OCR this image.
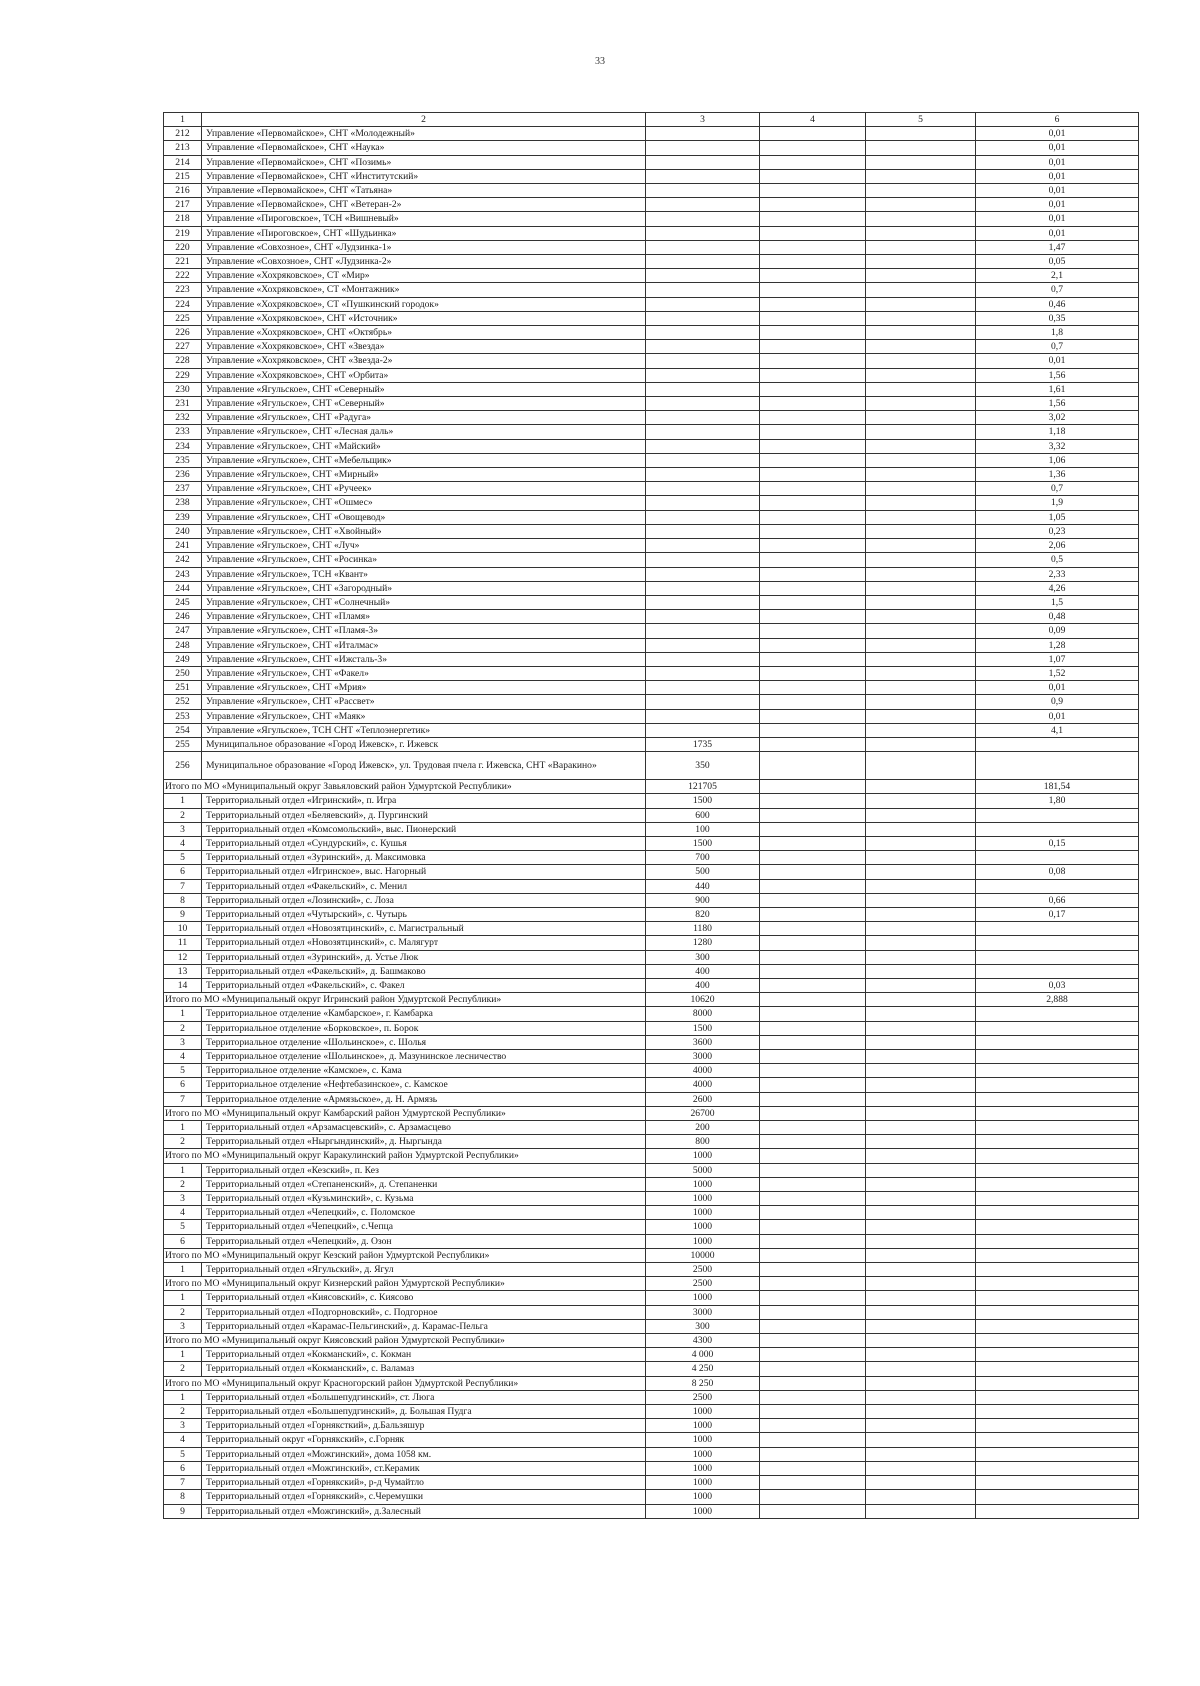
33
1	2	3	4	5	6
212	Управление «Первомайское», СНТ «Молодежный»				0,01
213	Управление «Первомайское», СНТ «Наука»				0,01
214	Управление «Первомайское», СНТ «Позимь»				0,01
215	Управление «Первомайское», СНТ «Институтский»				0,01
216	Управление «Первомайское», СНТ «Татьяна»				0,01
217	Управление «Первомайское», СНТ «Ветеран-2»				0,01
218	Управление «Пироговское», ТСН «Вишневый»				0,01
219	Управление «Пироговское», СНТ «Шудьинка»				0,01
220	Управление «Совхозное», СНТ «Лудзинка-1»				1,47
221	Управление «Совхозное», СНТ «Лудзинка-2»				0,05
222	Управление «Хохряковское», СТ «Мир»				2,1
223	Управление «Хохряковское», СТ «Монтажник»				0,7
224	Управление «Хохряковское», СТ «Пушкинский городок»				0,46
225	Управление «Хохряковское», СНТ «Источник»				0,35
226	Управление «Хохряковское», СНТ «Октябрь»				1,8
227	Управление «Хохряковское», СНТ «Звезда»				0,7
228	Управление «Хохряковское», СНТ «Звезда-2»				0,01
229	Управление «Хохряковское», СНТ «Орбита»				1,56
230	Управление «Ягульское», СНТ «Северный»				1,61
231	Управление «Ягульское», СНТ «Северный»				1,56
232	Управление «Ягульское», СНТ «Радуга»				3,02
233	Управление «Ягульское», СНТ «Лесная даль»				1,18
234	Управление «Ягульское», СНТ «Майский»				3,32
235	Управление «Ягульское», СНТ «Мебельщик»				1,06
236	Управление «Ягульское», СНТ «Мирный»				1,36
237	Управление «Ягульское», СНТ «Ручеек»				0,7
238	Управление «Ягульское», СНТ «Ошмес»				1,9
239	Управление «Ягульское», СНТ «Овощевод»				1,05
240	Управление «Ягульское», СНТ «Хвойный»				0,23
241	Управление «Ягульское», СНТ «Луч»				2,06
242	Управление «Ягульское», СНТ «Росинка»				0,5
243	Управление «Ягульское», ТСН «Квант»				2,33
244	Управление «Ягульское», СНТ «Загородный»				4,26
245	Управление «Ягульское», СНТ «Солнечный»				1,5
246	Управление «Ягульское», СНТ «Пламя»				0,48
247	Управление «Ягульское», СНТ «Пламя-3»				0,09
248	Управление «Ягульское», СНТ «Италмас»				1,28
249	Управление «Ягульское», СНТ «Ижсталь-3»				1,07
250	Управление «Ягульское», СНТ «Факел»				1,52
251	Управление «Ягульское», СНТ «Мрия»				0,01
252	Управление «Ягульское», СНТ «Рассвет»				0,9
253	Управление «Ягульское», СНТ «Маяк»				0,01
254	Управление «Ягульское», ТСН СНТ «Теплоэнергетик»				4,1
255	Муниципальное образование «Город Ижевск», г. Ижевск	1735			
256	Муниципальное образование «Город Ижевск», ул. Трудовая пчела г. Ижевска, СНТ «Варакино»	350			
Итого по МО «Муниципальный округ Завьяловский район Удмуртской Республики»		121705			181,54
1	Территориальный отдел «Игринский», п. Игра	1500			1,80
2	Территориальный отдел «Беляевский», д. Пургинский	600			
3	Территориальный отдел «Комсомольский», выс. Пионерский	100			
4	Территориальный отдел «Сундурский», с. Кушья	1500			0,15
5	Территориальный отдел «Зуринский», д. Максимовка	700			
6	Территориальный отдел «Игринское», выс. Нагорный	500			0,08
7	Территориальный отдел «Факельский», с. Менил	440			
8	Территориальный отдел «Лозинский», с. Лоза	900			0,66
9	Территориальный отдел «Чутырский», с. Чутырь	820			0,17
10	Территориальный отдел «Новозятцинский», с. Магистральный	1180			
11	Территориальный отдел «Новозятцинский», с. Малягурт	1280			
12	Территориальный отдел «Зуринский», д. Устье Люк	300			
13	Территориальный отдел «Факельский», д. Башмаково	400			
14	Территориальный отдел «Факельский», с. Факел	400			0,03
Итого по МО «Муниципальный округ Игринский район Удмуртской Республики»		10620			2,888
1	Территориальное отделение «Камбарское», г. Камбарка	8000			
2	Территориальное отделение «Борковское», п. Борок	1500			
3	Территориальное отделение «Шольинское», с. Шолья	3600			
4	Территориальное отделение «Шольинское», д. Мазунинское лесничество	3000			
5	Территориальное отделение «Камское», с. Кама	4000			
6	Территориальное отделение «Нефтебазинское», с. Камское	4000			
7	Территориальное отделение «Армязьское», д. Н. Армязь	2600			
Итого по МО «Муниципальный округ Камбарский район Удмуртской Республики»		26700			
1	Территориальный отдел «Арзамасцевский», с. Арзамасцево	200			
2	Территориальный отдел «Ныргындинский», д. Ныргында	800			
Итого по МО «Муниципальный округ Каракулинский район Удмуртской Республики»		1000			
1	Территориальный отдел «Кезский», п. Кез	5000			
2	Территориальный отдел «Степаненский», д. Степаненки	1000			
3	Территориальный отдел «Кузьминский», с. Кузьма	1000			
4	Территориальный отдел «Чепецкий», с. Поломское	1000			
5	Территориальный отдел «Чепецкий», с.Чепца	1000			
6	Территориальный отдел «Чепецкий», д. Озон	1000			
Итого по МО «Муниципальный округ Кезский район Удмуртской Республики»		10000			
1	Территориальный отдел «Ягульский», д. Ягул	2500			
Итого по МО «Муниципальный округ Кизнерский район Удмуртской Республики»		2500			
1	Территориальный отдел «Киясовский», с. Киясово	1000			
2	Территориальный отдел «Подгорновский», с. Подгорное	3000			
3	Территориальный отдел «Карамас-Пельгинский», д. Карамас-Пельга	300			
Итого по МО «Муниципальный округ Киясовский район Удмуртской Республики»		4300			
1	Территориальный отдел «Кокманский», с. Кокман	4 000			
2	Территориальный отдел «Кокманский», с. Валамаз	4 250			
Итого по МО «Муниципальный округ Красногорский район Удмуртской Республики»		8 250			
1	Территориальный отдел «Большепудгинский», ст. Люга	2500			
2	Территориальный отдел «Большепудгинский», д. Большая Пудга	1000			
3	Территориальный отдел «Горняксткий», д.Бальзяшур	1000			
4	Территориальный округ «Горнякский», с.Горняк	1000			
5	Территориальный отдел «Можгинский», дома 1058 км.	1000			
6	Территориальный отдел «Можгинский», ст.Керамик	1000			
7	Территориальный отдел «Горнякский», р-д Чумайтло	1000			
8	Территориальный отдел «Горнякский», с.Черемушки	1000			
9	Территориальный отдел «Можгинский», д.Залесный	1000			
